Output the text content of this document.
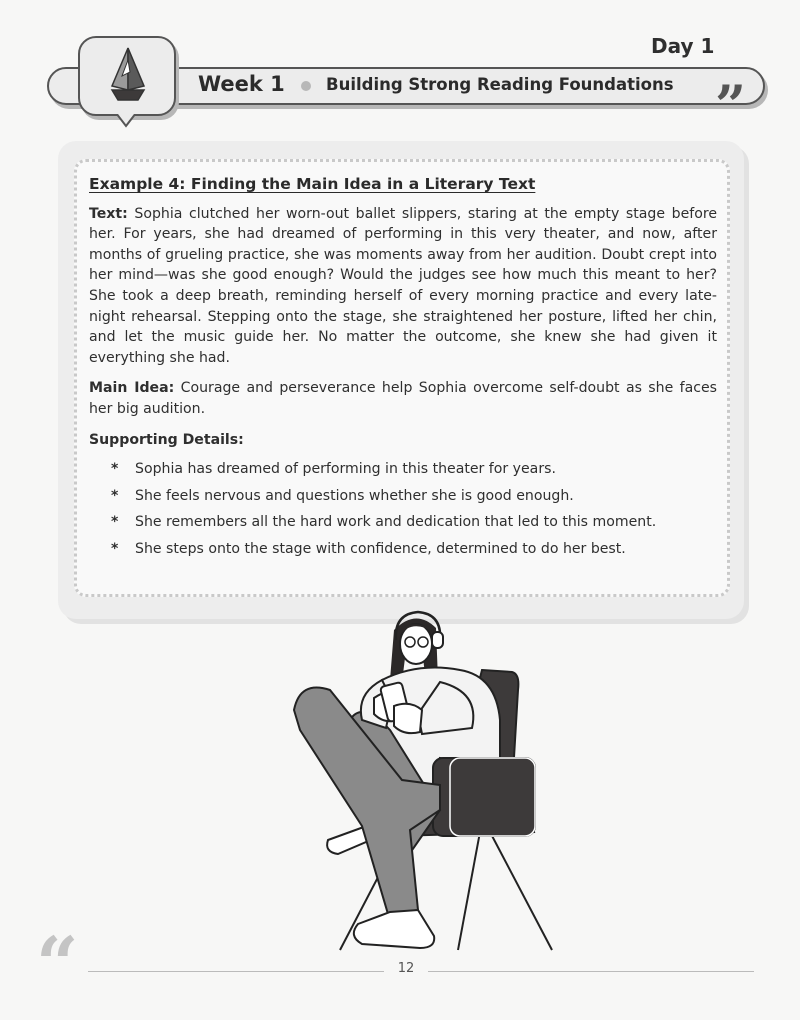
Day 1
Week 1 Building Strong Reading Foundations ”
Example 4: Finding the Main Idea in a Literary Text

Text: Sophia clutched her worn-out ballet slippers, staring at the empty stage before her. For years, she had dreamed of performing in this very theater, and now, after months of grueling practice, she was moments away from her audition. Doubt crept into her mind—was she good enough? Would the judges see how much this meant to her? She took a deep breath, reminding herself of every morning practice and every late-night rehearsal. Stepping onto the stage, she straightened her posture, lifted her chin, and let the music guide her. No matter the outcome, she knew she had given it everything she had.

Main Idea: Courage and perseverance help Sophia overcome self-doubt as she faces her big audition.

Supporting Details:
* Sophia has dreamed of performing in this theater for years.
* She feels nervous and questions whether she is good enough.
* She remembers all the hard work and dedication that led to this moment.
* She steps onto the stage with confidence, determined to do her best.
“	12
